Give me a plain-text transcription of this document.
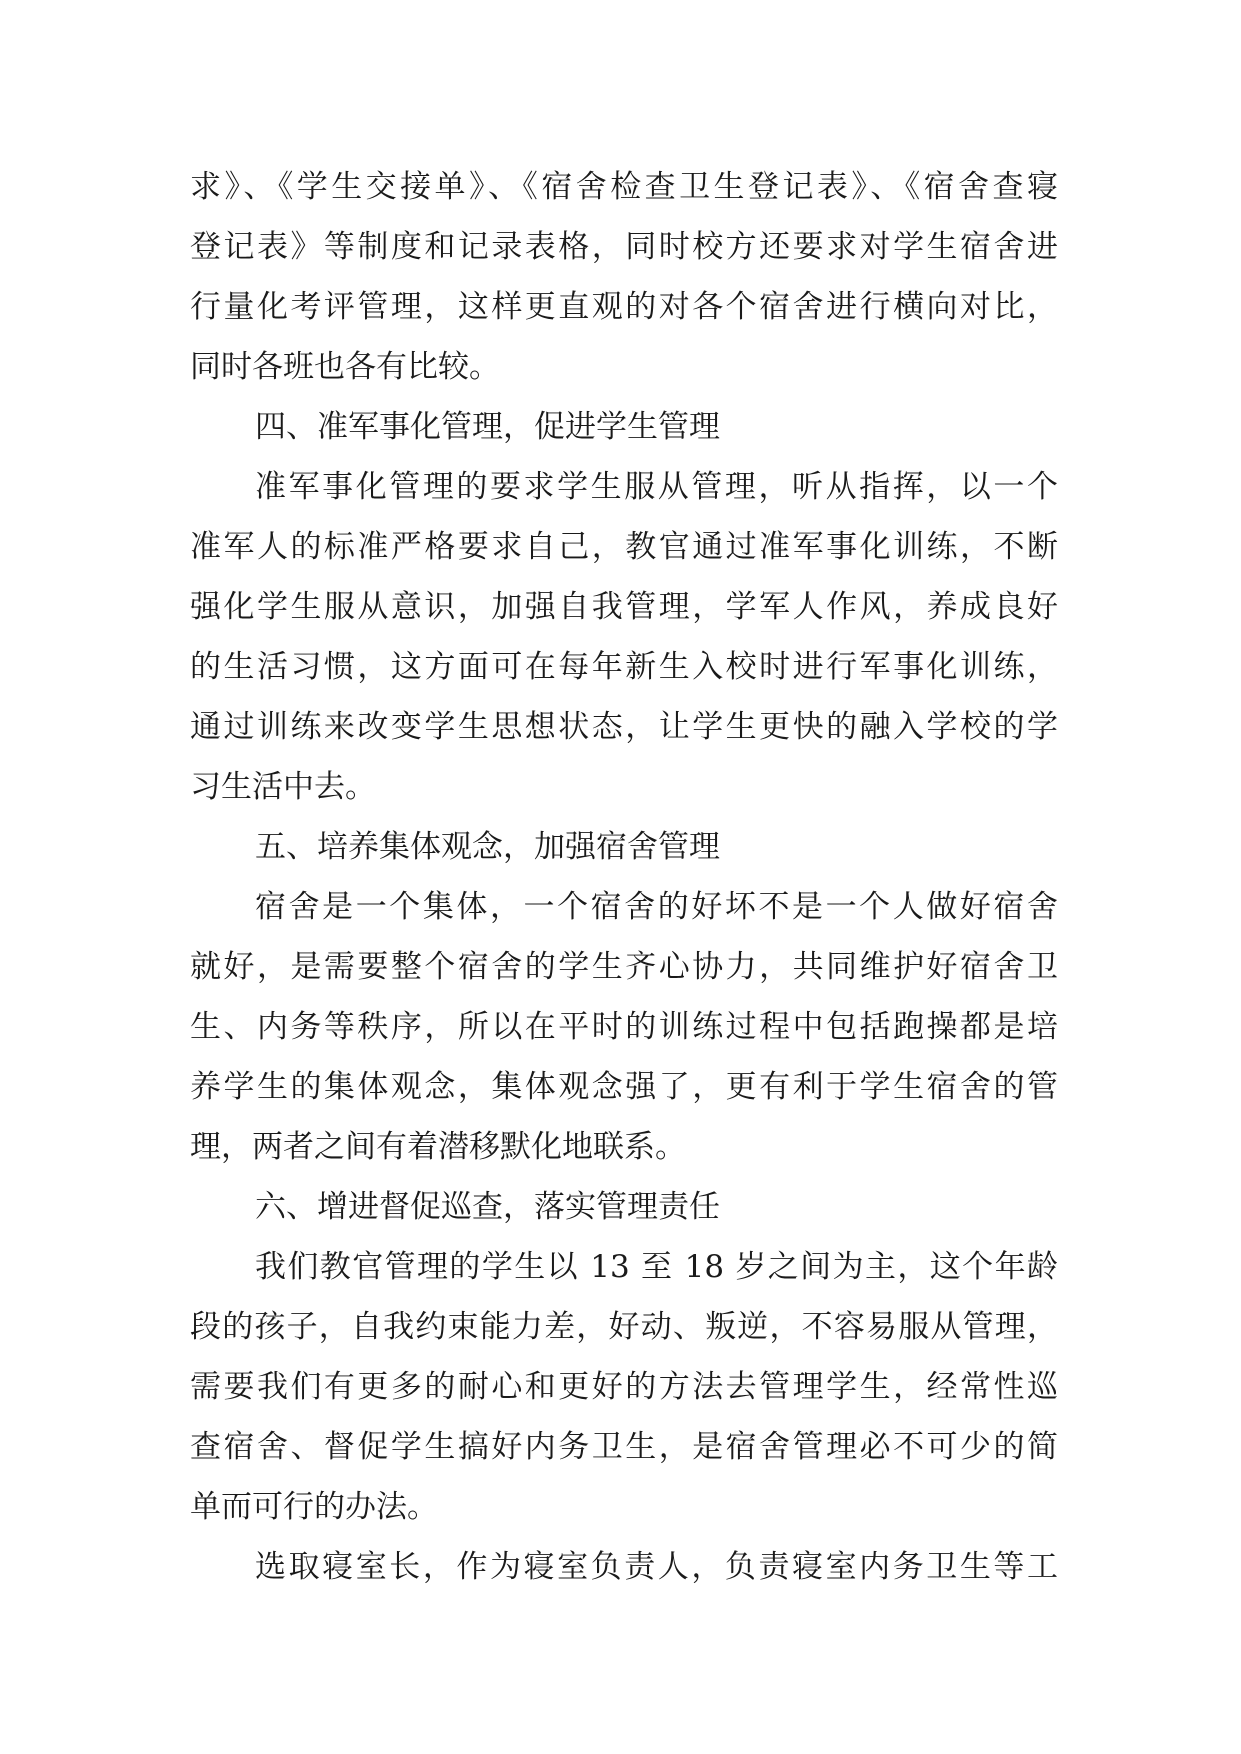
求》、《学生交接单》、《宿舍检查卫生登记表》、《宿舍查寝
登记表》等制度和记录表格，同时校方还要求对学生宿舍进
行量化考评管理，这样更直观的对各个宿舍进行横向对比，
同时各班也各有比较。
四、准军事化管理，促进学生管理
准军事化管理的要求学生服从管理，听从指挥，以一个
准军人的标准严格要求自己，教官通过准军事化训练，不断
强化学生服从意识，加强自我管理，学军人作风，养成良好
的生活习惯，这方面可在每年新生入校时进行军事化训练，
通过训练来改变学生思想状态，让学生更快的融入学校的学
习生活中去。
五、培养集体观念，加强宿舍管理
宿舍是一个集体，一个宿舍的好坏不是一个人做好宿舍
就好，是需要整个宿舍的学生齐心协力，共同维护好宿舍卫
生、内务等秩序，所以在平时的训练过程中包括跑操都是培
养学生的集体观念，集体观念强了，更有利于学生宿舍的管
理，两者之间有着潜移默化地联系。
六、增进督促巡查，落实管理责任
我们教官管理的学生以 13 至 18 岁之间为主，这个年龄
段的孩子，自我约束能力差，好动、叛逆，不容易服从管理，
需要我们有更多的耐心和更好的方法去管理学生，经常性巡
查宿舍、督促学生搞好内务卫生，是宿舍管理必不可少的简
单而可行的办法。
选取寝室长，作为寝室负责人，负责寝室内务卫生等工
